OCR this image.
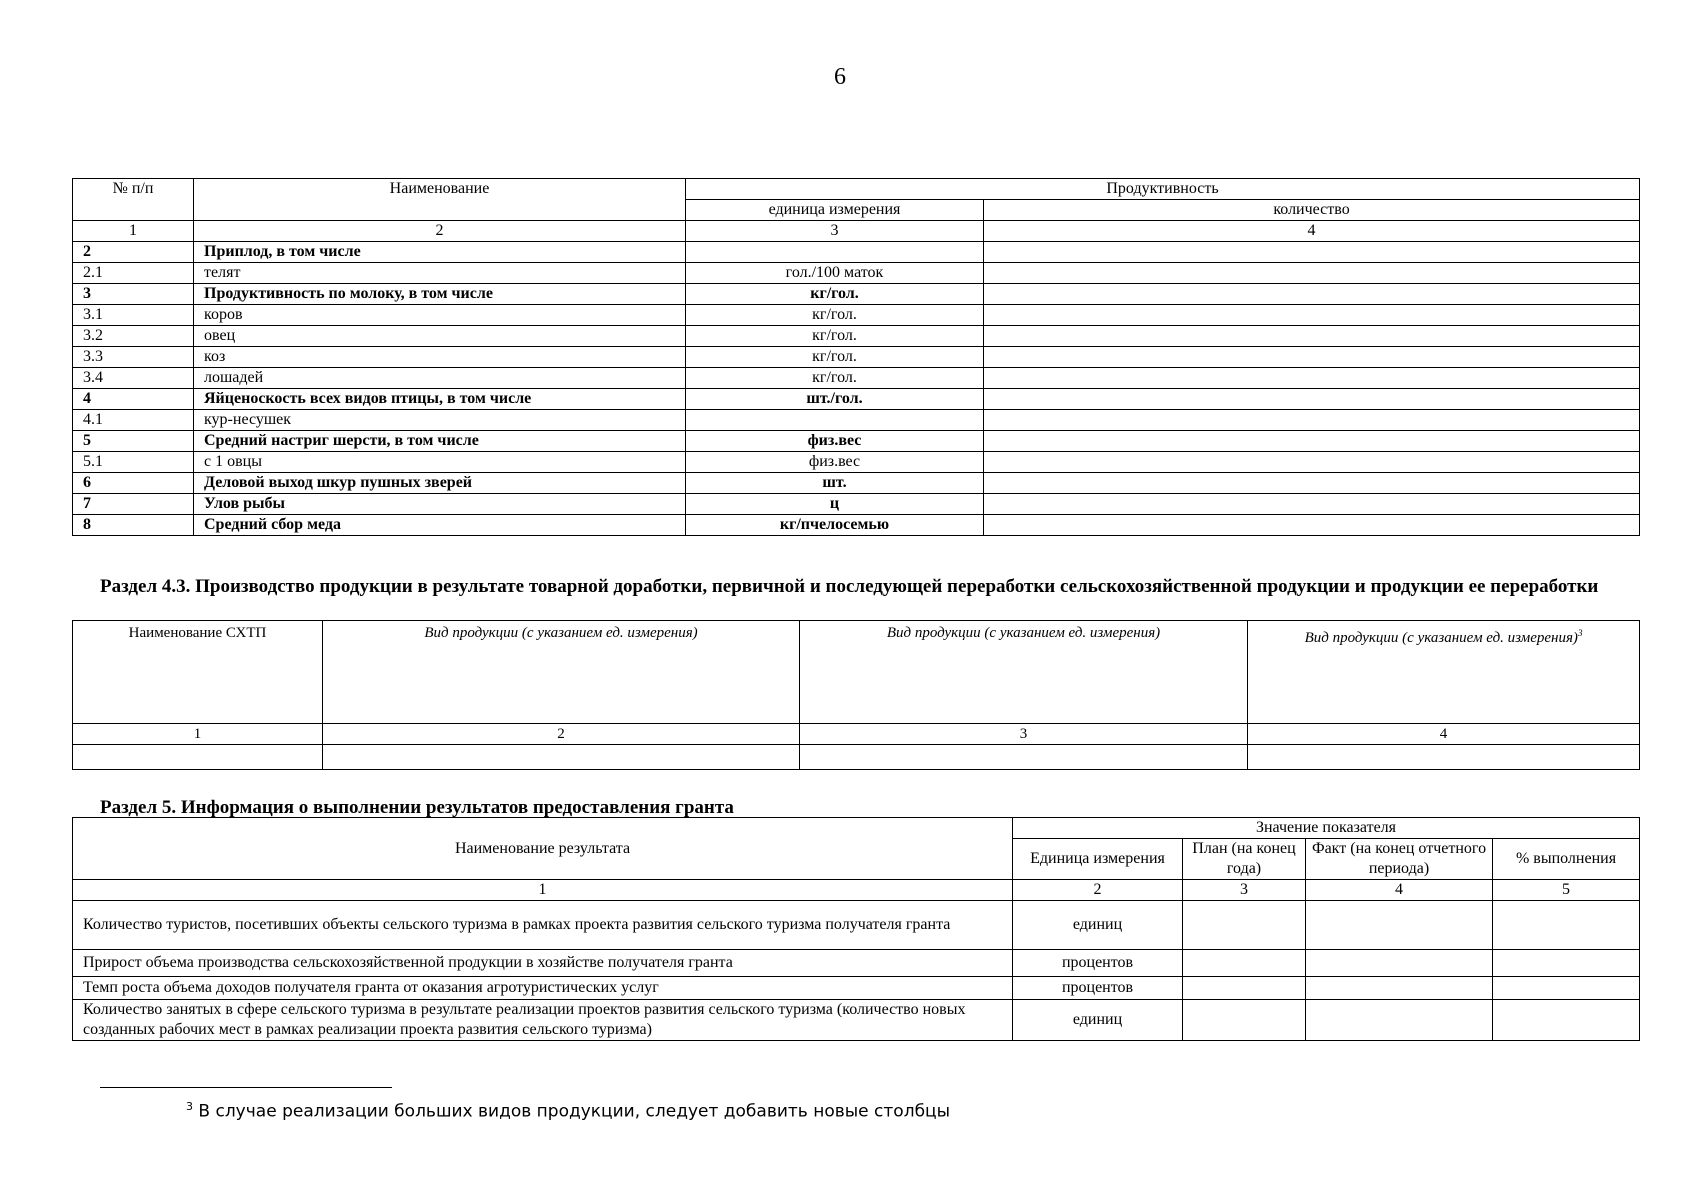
6
№ п/п	Наименование	Продуктивность	
		единица измерения	количество
1	2	3	4
2	Приплод, в том числе		
2.1	телят	гол./100 маток	
3	Продуктивность по молоку, в том числе	кг/гол.	
3.1	коров	кг/гол.	
3.2	овец	кг/гол.	
3.3	коз	кг/гол.	
3.4	лошадей	кг/гол.	
4	Яйценоскость всех видов птицы, в том числе	шт./гол.	
4.1	кур-несушек		
5	Средний настриг шерсти, в том числе	физ.вес	
5.1	с 1 овцы	физ.вес	
6	Деловой выход шкур пушных зверей	шт.	
7	Улов рыбы	ц	
8	Средний сбор меда	кг/пчелосемью	
Раздел 4.3. Производство продукции в результате товарной доработки, первичной и последующей переработки сельскохозяйственной продукции и продукции ее переработки
Наименование СХТП	Вид продукции (с указанием ед. измерения)	Вид продукции (с указанием ед. измерения)	Вид продукции (с указанием ед. измерения)$^3$
1	2	3	4

Раздел 5. Информация о выполнении результатов предоставления гранта
Наименование результата	Значение показателя			
	Единица измерения	План (на конец года)	Факт (на конец отчетного периода)	% выполнения
1	2	3	4	5
Количество туристов, посетивших объекты сельского туризма в рамках проекта развития сельского туризма получателя гранта	единиц			
Прирост объема производства сельскохозяйственной продукции в хозяйстве получателя гранта	процентов			
Темп роста объема доходов получателя гранта от оказания агротуристических услуг	процентов			
Количество занятых в сфере сельского туризма в результате реализации проектов развития сельского туризма (количество новых созданных рабочих мест в рамках реализации проекта развития сельского туризма)	единиц			
$^3$ В случае реализации больших видов продукции, следует добавить новые столбцы
